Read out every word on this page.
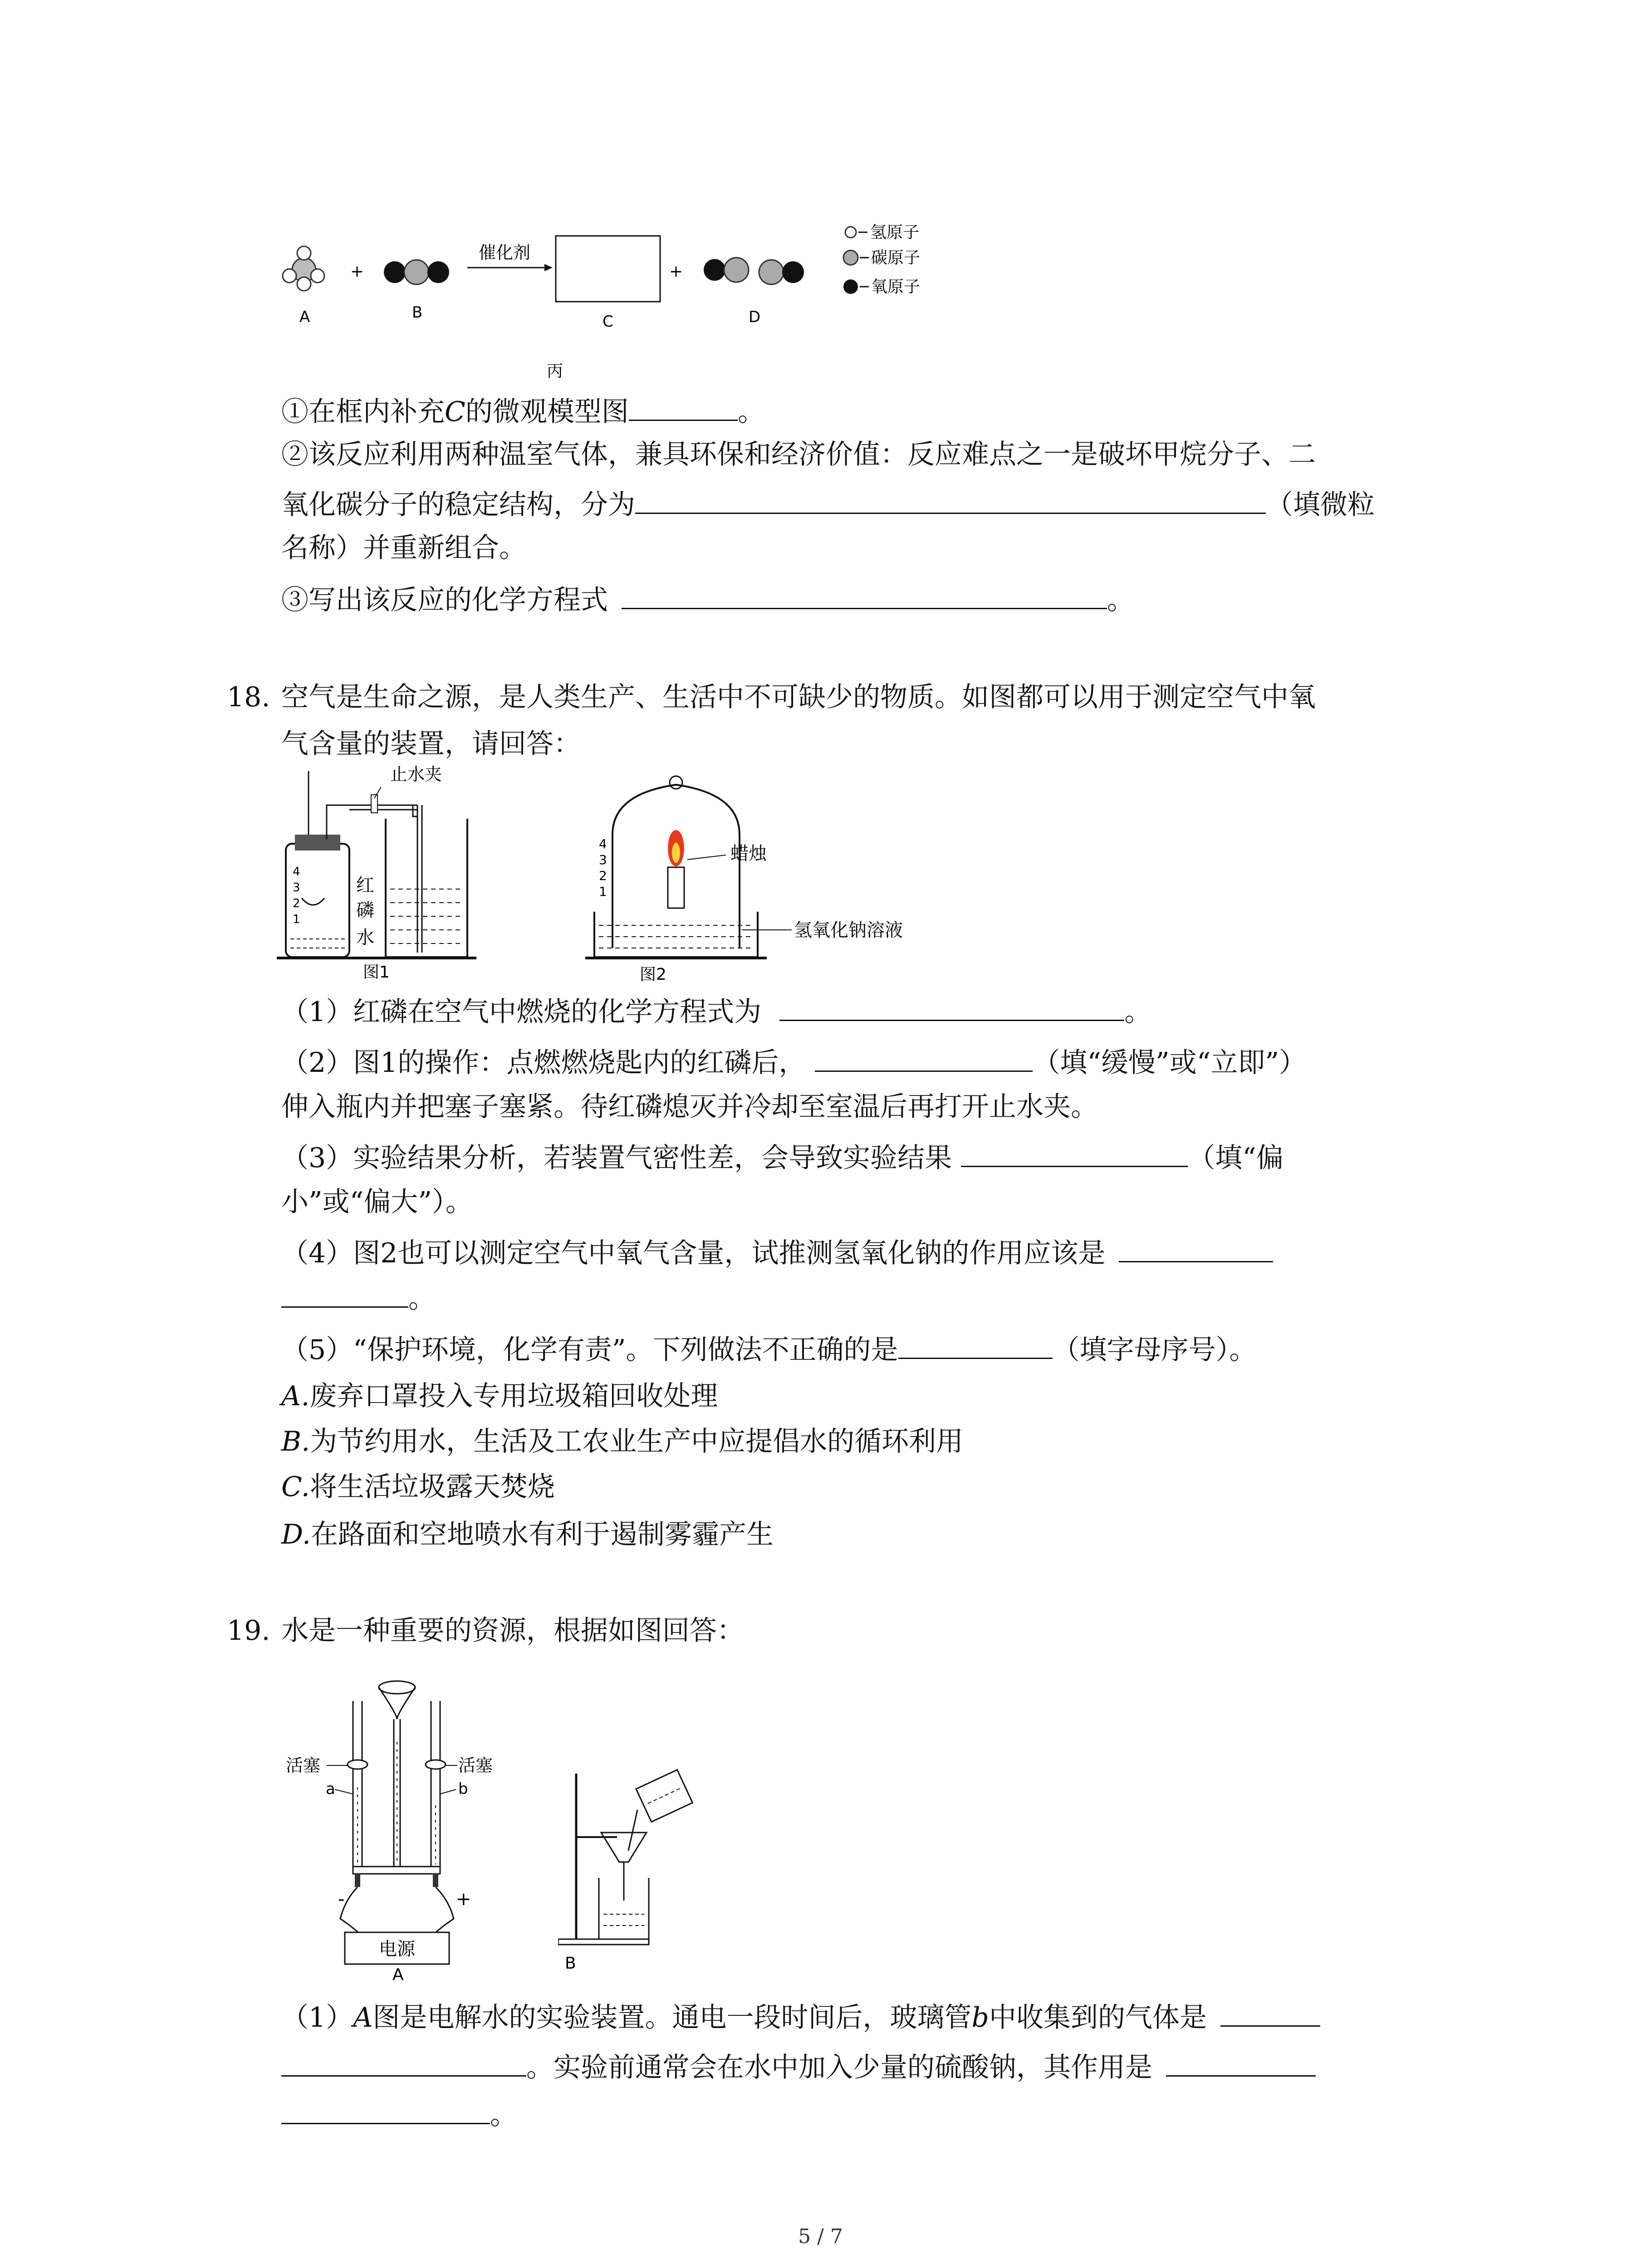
+
催化剂
+
A	B	C	D
丙
氢原子
碳原子
氧原子
①在框内补充C的微观模型图	。
②该反应利用两种温室气体，兼具环保和经济价值：反应难点之一是破坏甲烷分子、二
氧化碳分子的稳定结构，分为	（填微粒
名称）并重新组合。
③写出该反应的化学方程式	。
18. 空气是生命之源，是人类生产、生活中不可缺少的物质。如图都可以用于测定空气中氧
气含量的装置，请回答：
4
3
2
1
止水夹
红
磷
水
图1
4
3
2
1
蜡烛
氢氧化钠溶液
图2
（1）红磷在空气中燃烧的化学方程式为	。
（2）图1的操作：点燃燃烧匙内的红磷后，	（填“缓慢”或“立即”）
伸入瓶内并把塞子塞紧。待红磷熄灭并冷却至室温后再打开止水夹。
（3）实验结果分析，若装置气密性差，会导致实验结果	（填“偏
小”或“偏大”）。
（4）图2也可以测定空气中氧气含量，试推测氢氧化钠的作用应该是
。
（5）“保护环境，化学有责”。下列做法不正确的是	（填字母序号）。
A.废弃口罩投入专用垃圾箱回收处理
B.为节约用水，生活及工农业生产中应提倡水的循环利用
C.将生活垃圾露天焚烧
D.在路面和空地喷水有利于遏制雾霾产生
19. 水是一种重要的资源，根据如图回答：
电源
活塞	活塞
a	b
-	+
A
B
（1）A图是电解水的实验装置。通电一段时间后，玻璃管b中收集到的气体是
。实验前通常会在水中加入少量的硫酸钠，其作用是
。
5 / 7
